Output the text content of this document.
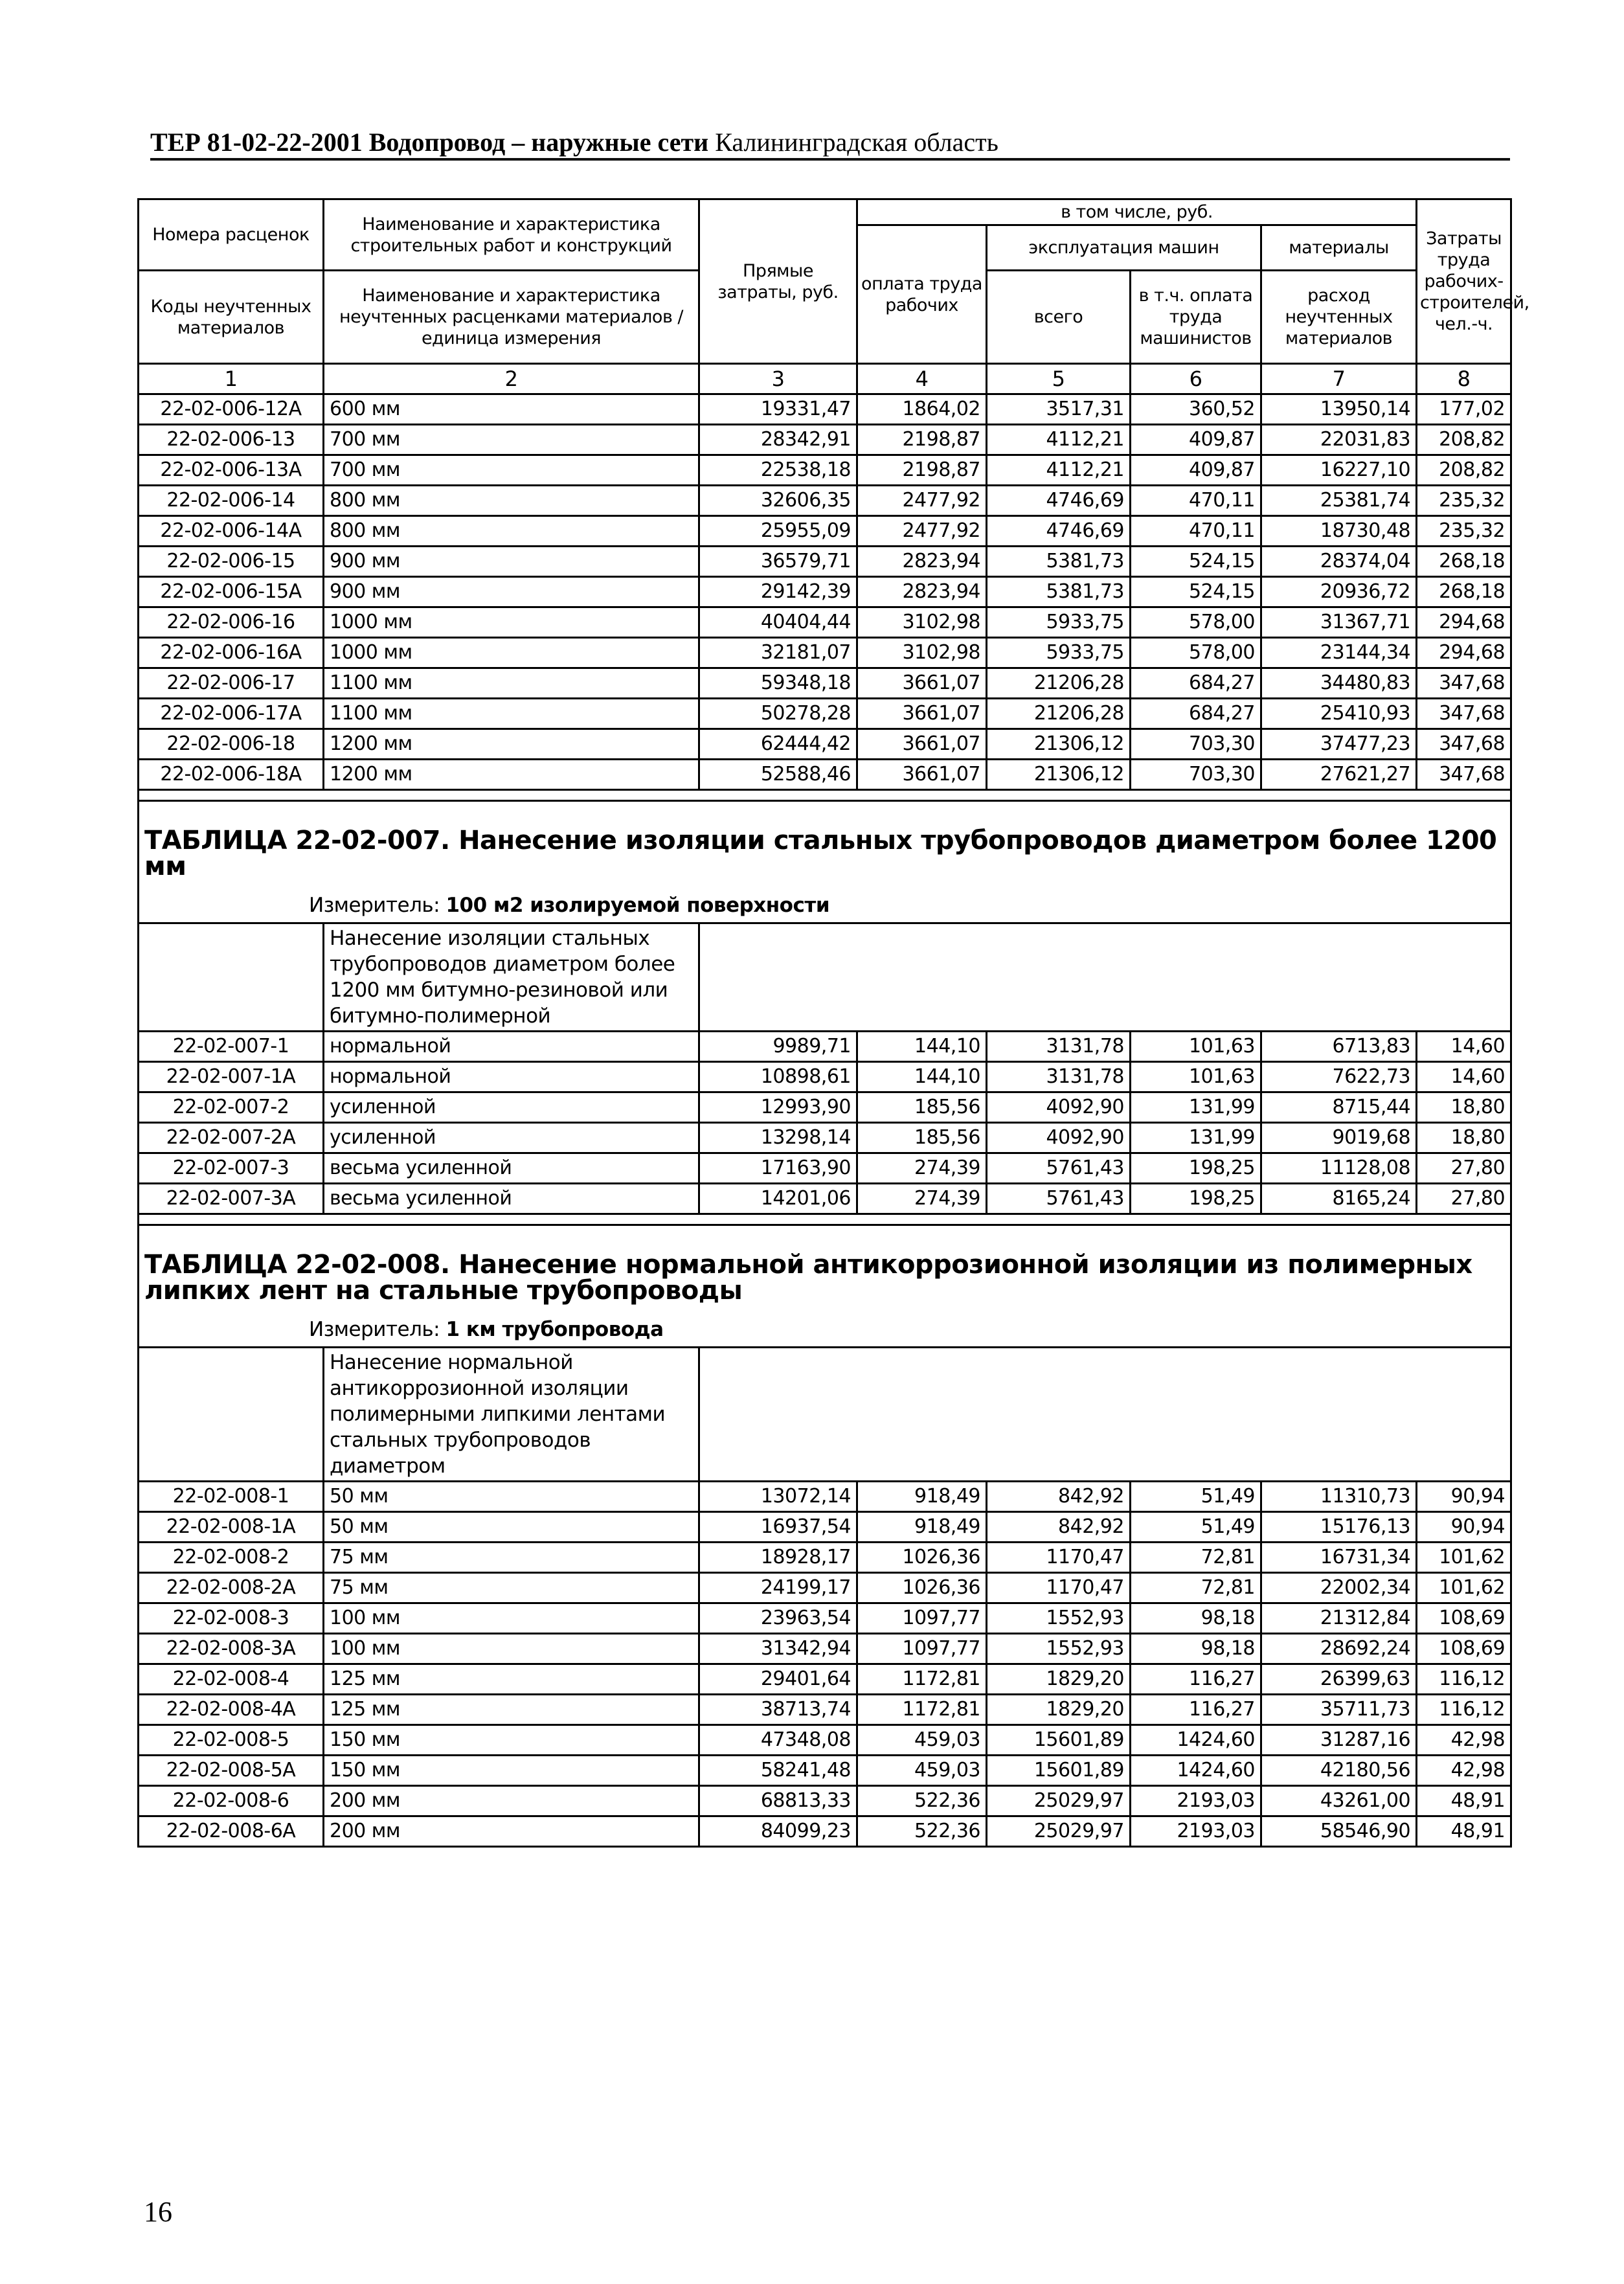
ТЕР 81-02-22-2001 Водопровод – наружные сети Калининградская область
Номера расценок	Наименование и характеристика строительных работ и конструкций	Прямые затраты, руб.	в том числе, руб.				Затраты труда рабочих-строителей, чел.-ч.
			оплата труда рабочих	эксплуатация машин		материалы	
Коды неучтенных материалов	Наименование и характеристика неучтенных расценками материалов / единица измерения			всего	в т.ч. оплата труда машинистов	расход неучтенных материалов	

1	2	3	4	5	6	7	8
22-02-006-12А	600 мм	19331,47	1864,02	3517,31	360,52	13950,14	177,02
22-02-006-13	700 мм	28342,91	2198,87	4112,21	409,87	22031,83	208,82
22-02-006-13А	700 мм	22538,18	2198,87	4112,21	409,87	16227,10	208,82
22-02-006-14	800 мм	32606,35	2477,92	4746,69	470,11	25381,74	235,32
22-02-006-14А	800 мм	25955,09	2477,92	4746,69	470,11	18730,48	235,32
22-02-006-15	900 мм	36579,71	2823,94	5381,73	524,15	28374,04	268,18
22-02-006-15А	900 мм	29142,39	2823,94	5381,73	524,15	20936,72	268,18
22-02-006-16	1000 мм	40404,44	3102,98	5933,75	578,00	31367,71	294,68
22-02-006-16А	1000 мм	32181,07	3102,98	5933,75	578,00	23144,34	294,68
22-02-006-17	1100 мм	59348,18	3661,07	21206,28	684,27	34480,83	347,68
22-02-006-17А	1100 мм	50278,28	3661,07	21206,28	684,27	25410,93	347,68
22-02-006-18	1200 мм	62444,42	3661,07	21306,12	703,30	37477,23	347,68
22-02-006-18А	1200 мм	52588,46	3661,07	21306,12	703,30	27621,27	347,68

ТАБЛИЦА 22-02-007. Нанесение изоляции стальных трубопроводов диаметром более 1200 мм							
Измеритель: 100 м2 изолируемой поверхности							
	Нанесение изоляции стальных трубопроводов диаметром более 1200 мм битумно-резиновой или битумно-полимерной						
22-02-007-1	нормальной	9989,71	144,10	3131,78	101,63	6713,83	14,60
22-02-007-1А	нормальной	10898,61	144,10	3131,78	101,63	7622,73	14,60
22-02-007-2	усиленной	12993,90	185,56	4092,90	131,99	8715,44	18,80
22-02-007-2А	усиленной	13298,14	185,56	4092,90	131,99	9019,68	18,80
22-02-007-3	весьма усиленной	17163,90	274,39	5761,43	198,25	11128,08	27,80
22-02-007-3А	весьма усиленной	14201,06	274,39	5761,43	198,25	8165,24	27,80

ТАБЛИЦА 22-02-008. Нанесение нормальной антикоррозионной изоляции из полимерных липких лент на стальные трубопроводы							
Измеритель: 1 км трубопровода							
	Нанесение нормальной антикоррозионной изоляции полимерными липкими лентами стальных трубопроводов диаметром						
22-02-008-1	50 мм	13072,14	918,49	842,92	51,49	11310,73	90,94
22-02-008-1А	50 мм	16937,54	918,49	842,92	51,49	15176,13	90,94
22-02-008-2	75 мм	18928,17	1026,36	1170,47	72,81	16731,34	101,62
22-02-008-2А	75 мм	24199,17	1026,36	1170,47	72,81	22002,34	101,62
22-02-008-3	100 мм	23963,54	1097,77	1552,93	98,18	21312,84	108,69
22-02-008-3А	100 мм	31342,94	1097,77	1552,93	98,18	28692,24	108,69
22-02-008-4	125 мм	29401,64	1172,81	1829,20	116,27	26399,63	116,12
22-02-008-4А	125 мм	38713,74	1172,81	1829,20	116,27	35711,73	116,12
22-02-008-5	150 мм	47348,08	459,03	15601,89	1424,60	31287,16	42,98
22-02-008-5А	150 мм	58241,48	459,03	15601,89	1424,60	42180,56	42,98
22-02-008-6	200 мм	68813,33	522,36	25029,97	2193,03	43261,00	48,91
22-02-008-6А	200 мм	84099,23	522,36	25029,97	2193,03	58546,90	48,91
16
